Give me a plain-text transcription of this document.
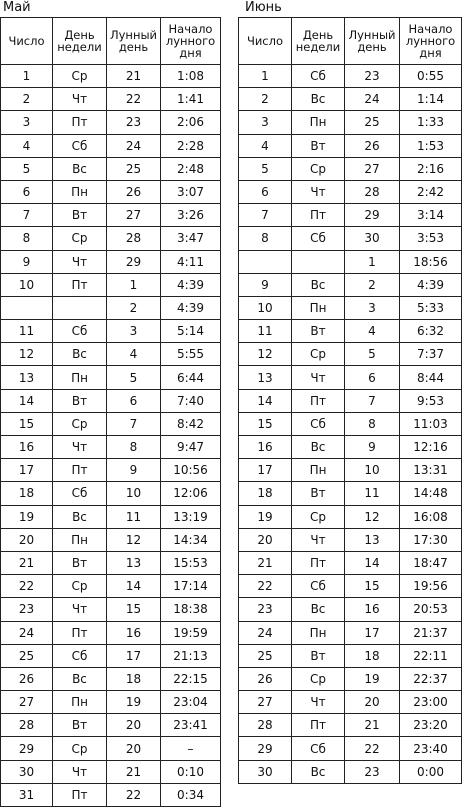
Май	Июнь
Число	День недели	Лунный день	Начало лунного дня
1	Ср	21	1:08
2	Чт	22	1:41
3	Пт	23	2:06
4	Сб	24	2:28
5	Вс	25	2:48
6	Пн	26	3:07
7	Вт	27	3:26
8	Ср	28	3:47
9	Чт	29	4:11
10	Пт	1	4:39
		2	4:39
11	Сб	3	5:14
12	Вс	4	5:55
13	Пн	5	6:44
14	Вт	6	7:40
15	Ср	7	8:42
16	Чт	8	9:47
17	Пт	9	10:56
18	Сб	10	12:06
19	Вс	11	13:19
20	Пн	12	14:34
21	Вт	13	15:53
22	Ср	14	17:14
23	Чт	15	18:38
24	Пт	16	19:59
25	Сб	17	21:13
26	Вс	18	22:15
27	Пн	19	23:04
28	Вт	20	23:41
29	Ср	20	–
30	Чт	21	0:10
31	Пт	22	0:34
Число	День недели	Лунный день	Начало лунного дня
1	Сб	23	0:55
2	Вс	24	1:14
3	Пн	25	1:33
4	Вт	26	1:53
5	Ср	27	2:16
6	Чт	28	2:42
7	Пт	29	3:14
8	Сб	30	3:53
		1	18:56
9	Вс	2	4:39
10	Пн	3	5:33
11	Вт	4	6:32
12	Ср	5	7:37
13	Чт	6	8:44
14	Пт	7	9:53
15	Сб	8	11:03
16	Вс	9	12:16
17	Пн	10	13:31
18	Вт	11	14:48
19	Ср	12	16:08
20	Чт	13	17:30
21	Пт	14	18:47
22	Сб	15	19:56
23	Вс	16	20:53
24	Пн	17	21:37
25	Вт	18	22:11
26	Ср	19	22:37
27	Чт	20	23:00
28	Пт	21	23:20
29	Сб	22	23:40
30	Вс	23	0:00
